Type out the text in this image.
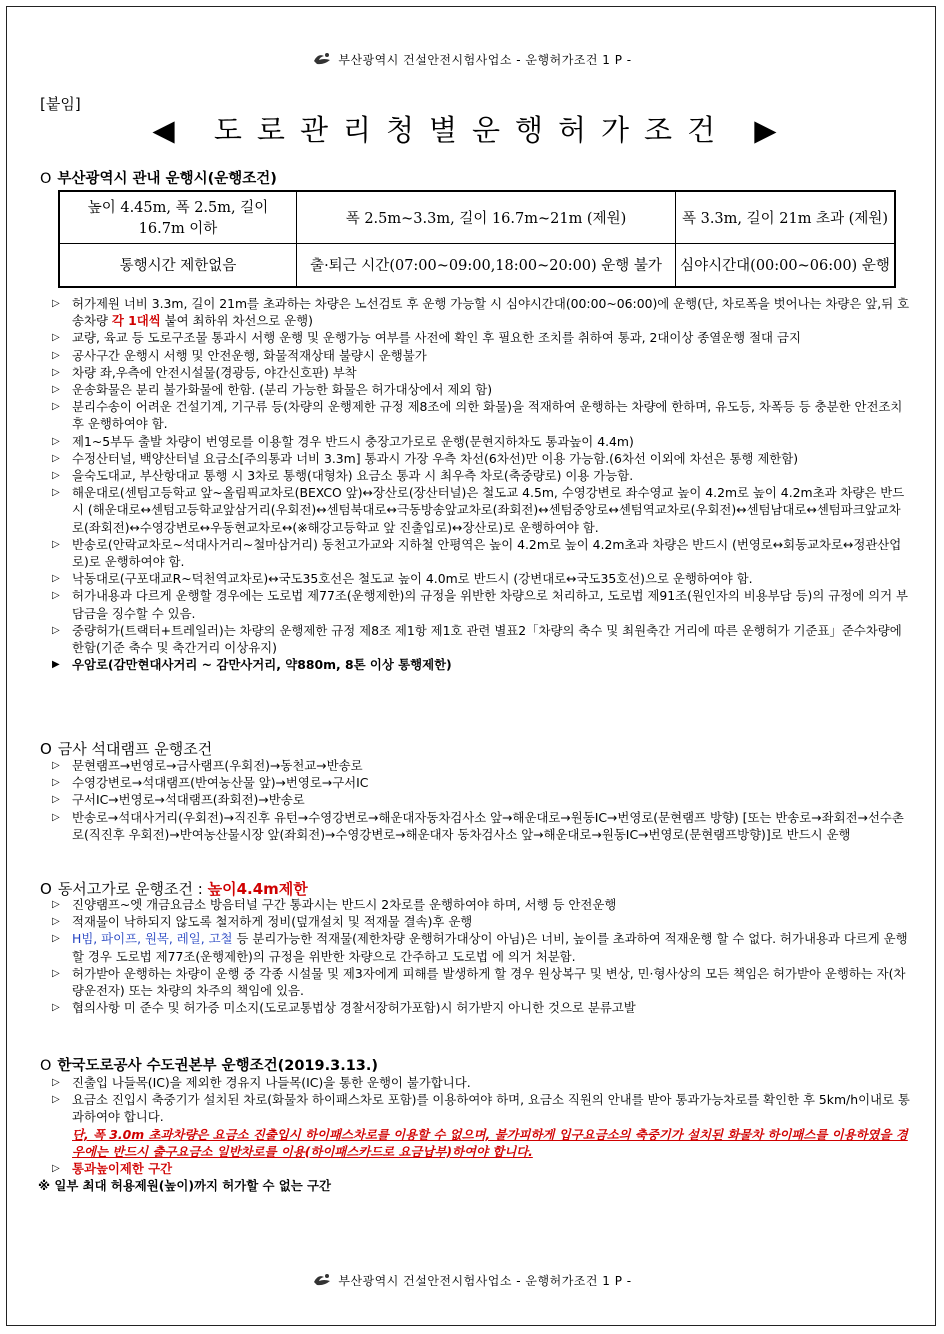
부산광역시 건설안전시험사업소 - 운행허가조건 1 P -
[붙임]
◀ 도로관리청별운행허가조건 ▶
O 부산광역시 관내 운행시(운행조건)
높이 4.45m, 폭 2.5m, 길이 16.7m 이하	폭 2.5m~3.3m, 길이 16.7m~21m (제원)	폭 3.3m, 길이 21m 초과 (제원)
통행시간 제한없음	출·퇴근 시간(07:00~09:00,18:00~20:00) 운행 불가	심야시간대(00:00~06:00) 운행
▷ 허가제원 너비 3.3m, 길이 21m를 초과하는 차량은 노선검토 후 운행 가능할 시 심야시간대(00:00~06:00)에 운행(단, 차로폭을 벗어나는 차량은 앞,뒤 호송차량 각 1대씩 붙여 최하위 차선으로 운행)
▷ 교량, 육교 등 도로구조물 통과시 서행 운행 및 운행가능 여부를 사전에 확인 후 필요한 조치를 취하여 통과, 2대이상 종열운행 절대 금지
▷ 공사구간 운행시 서행 및 안전운행, 화물적재상태 불량시 운행불가
▷ 차량 좌,우측에 안전시설물(경광등, 야간신호판) 부착
▷ 운송화물은 분리 불가화물에 한함. (분리 가능한 화물은 허가대상에서 제외 함)
▷ 분리수송이 어려운 건설기계, 기구류 등(차량의 운행제한 규정 제8조에 의한 화물)을 적재하여 운행하는 차량에 한하며, 유도등, 차폭등 등 충분한 안전조치 후 운행하여야 함.
▷ 제1~5부두 출발 차량이 번영로를 이용할 경우 반드시 충장고가로로 운행(문현지하차도 통과높이 4.4m)
▷ 수정산터널, 백양산터널 요금소[주의통과 너비 3.3m] 통과시 가장 우측 차선(6차선)만 이용 가능함.(6차선 이외에 차선은 통행 제한함)
▷ 을숙도대교, 부산항대교 통행 시 3차로 통행(대형차) 요금소 통과 시 최우측 차로(축중량로) 이용 가능함.
▷ 해운대로(센텀고등학교 앞~올림픽교차로(BEXCO 앞)↔장산로(장산터널)은 철도교 4.5m, 수영강변로 좌수영교 높이 4.2m로 높이 4.2m초과 차량은 반드시 (해운대로↔센텀고등학교앞삼거리(우회전)↔센텀북대로↔극동방송앞교차로(좌회전)↔센텀중앙로↔센텀역교차로(우회전)↔센텀남대로↔센텀파크앞교차로(좌회전)↔수영강변로↔우동현교차로↔(※해강고등학교 앞 진출입로)↔장산로)로 운행하여야 함.
▷ 반송로(안락교차로~석대사거리~철마삼거리) 동천고가교와 지하철 안평역은 높이 4.2m로 높이 4.2m초과 차량은 반드시 (번영로↔회동교차로↔정관산업로)로 운행하여야 함.
▷ 낙동대로(구포대교R~덕천역교차로)↔국도35호선은 철도교 높이 4.0m로 반드시 (강변대로↔국도35호선)으로 운행하여야 함.
▷ 허가내용과 다르게 운행할 경우에는 도로법 제77조(운행제한)의 규정을 위반한 차량으로 처리하고, 도로법 제91조(원인자의 비용부담 등)의 규정에 의거 부담금을 징수할 수 있음.
▷ 중량허가(트랙터+트레일러)는 차량의 운행제한 규정 제8조 제1항 제1호 관련 별표2「차량의 축수 및 최원축간 거리에 따른 운행허가 기준표」준수차량에 한함(기준 축수 및 축간거리 이상유지)
▶ 우암로(감만현대사거리 ~ 감만사거리, 약880m, 8톤 이상 통행제한)
O 금사 석대램프 운행조건
▷ 문현램프→번영로→금사램프(우회전)→동천교→반송로
▷ 수영강변로→석대램프(반여농산물 앞)→번영로→구서IC
▷ 구서IC→번영로→석대램프(좌회전)→반송로
▷ 반송로→석대사거리(우회전)→직진후 유턴→수영강변로→해운대자동차검사소 앞→해운대로→원동IC→번영로(문현램프 방향) [또는 반송로→좌회전→선수촌로(직진후 우회전)→반여농산물시장 앞(좌회전)→수영강변로→해운대자 동차검사소 앞→해운대로→원동IC→번영로(문현램프방향)]로 반드시 운행
O 동서고가로 운행조건 : 높이4.4m제한
▷ 진양램프~엣 개금요금소 방음터널 구간 통과시는 반드시 2차로를 운행하여야 하며, 서행 등 안전운행
▷ 적재물이 낙하되지 않도록 철저하게 정비(덮개설치 및 적재물 결속)후 운행
▷ H빔, 파이프, 원목, 레일, 고철 등 분리가능한 적재물(제한차량 운행허가대상이 아님)은 너비, 높이를 초과하여 적재운행 할 수 없다. 허가내용과 다르게 운행할 경우 도로법 제77조(운행제한)의 규정을 위반한 차량으로 간주하고 도로법 에 의거 처분함.
▷ 허가받아 운행하는 차량이 운행 중 각종 시설물 및 제3자에게 피해를 발생하게 할 경우 원상복구 및 변상, 민·형사상의 모든 책임은 허가받아 운행하는 자(차량운전자) 또는 차량의 차주의 책임에 있음.
▷ 협의사항 미 준수 및 허가증 미소지(도로교통법상 경찰서장허가포함)시 허가받지 아니한 것으로 분류고발
O 한국도로공사 수도권본부 운행조건(2019.3.13.)
▷ 진출입 나들목(IC)을 제외한 경유지 나들목(IC)을 통한 운행이 불가합니다.
▷ 요금소 진입시 축중기가 설치된 차로(화물차 하이패스차로 포함)를 이용하여야 하며, 요금소 직원의 안내를 받아 통과가능차로를 확인한 후 5km/h이내로 통과하여야 합니다.
단, 폭 3.0m 초과차량은 요금소 진출입시 하이패스차로를 이용할 수 없으며, 불가피하게 입구요금소의 축중기가 설치된 화물차 하이패스를 이용하였을 경우에는 반드시 출구요금소 일반차로를 이용(하이패스카드로 요금납부)하여야 합니다.
▷ 통과높이제한 구간
※ 일부 최대 허용제원(높이)까지 허가할 수 없는 구간
부산광역시 건설안전시험사업소 - 운행허가조건 1 P -
